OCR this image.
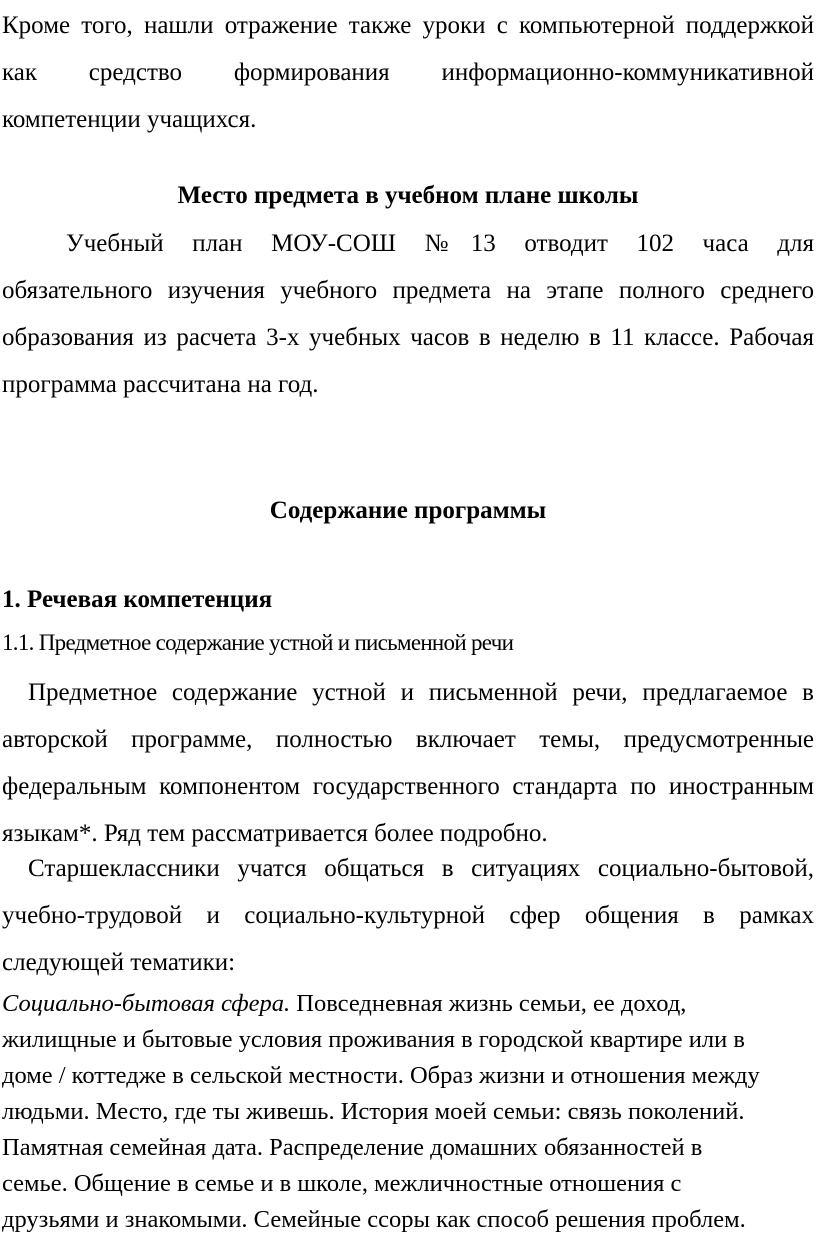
Кроме того, нашли отражение также уроки с компьютерной поддержкой
как средство формирования информационно-коммуникативной
компетенции учащихся.
Место предмета в учебном плане школы
Учебный план МОУ-СОШ №13 отводит 102 часа для
обязательного изучения учебного предмета на этапе полного среднего
образования из расчета 3-х учебных часов в неделю в 11 классе. Рабочая
программа рассчитана на год.
Содержание программы
1. Речевая компетенция
1.1. Предметное содержание устной и письменной речи
Предметное содержание устной и письменной речи, предлагаемое в
авторской программе, полностью включает темы, предусмотренные
федеральным компонентом государственного стандарта по иностранным
языкам*. Ряд тем рассматривается более подробно.
Старшеклассники учатся общаться в ситуациях социально-бытовой,
учебно-трудовой и социально-культурной сфер общения в рамках
следующей тематики:
Социально-бытовая сфера. Повседневная жизнь семьи, ее доход,
жилищные и бытовые условия проживания в городской квартире или в
доме / коттедже в сельской местности. Образ жизни и отношения между
людьми. Место, где ты живешь. История моей семьи: связь поколений.
Памятная семейная дата. Распределение домашних обязанностей в
семье. Общение в семье и в школе, межличностные отношения с
друзьями и знакомыми. Семейные ссоры как способ решения проблем.
